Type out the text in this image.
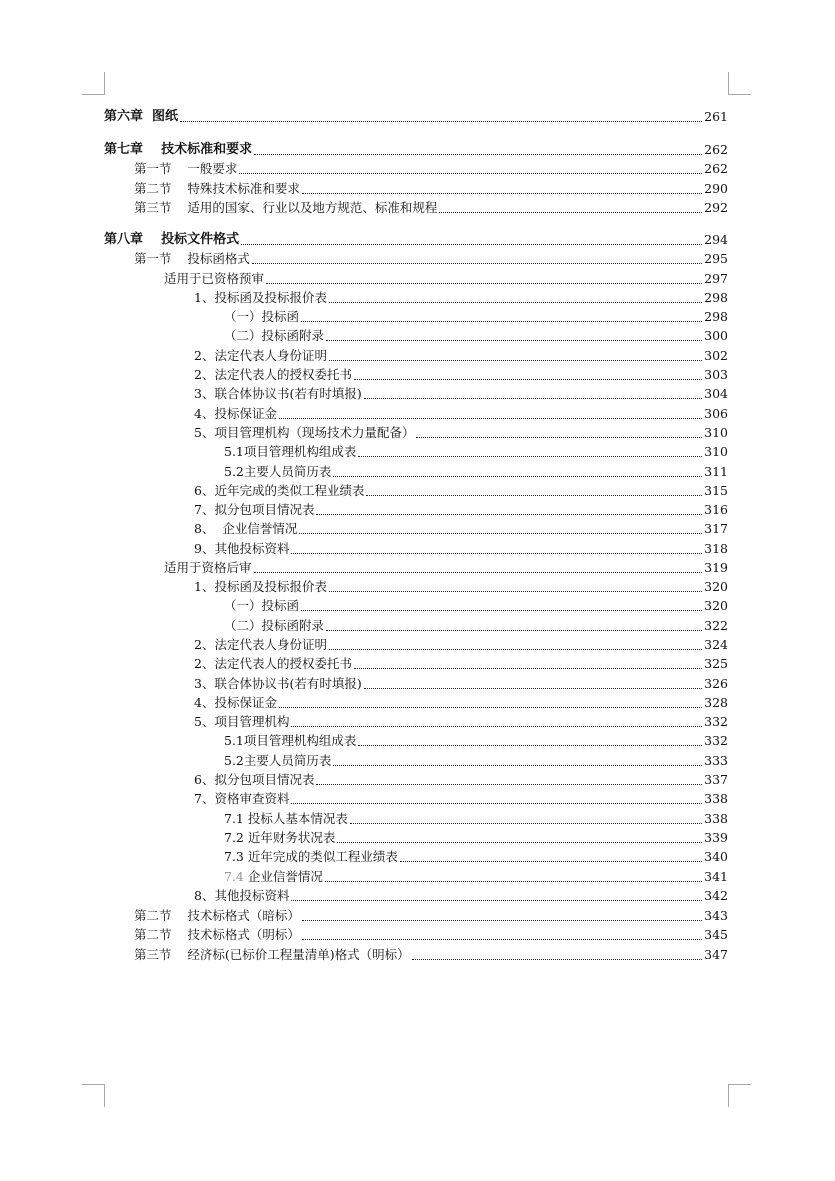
第六章  图纸	261
第七章    技术标准和要求	262
第一节    一般要求	262
第二节    特殊技术标准和要求	290
第三节    适用的国家、行业以及地方规范、标准和规程	292
第八章    投标文件格式	294
第一节    投标函格式	295
适用于已资格预审	297
1、投标函及投标报价表	298
（一）投标函	298
（二）投标函附录	300
2、法定代表人身份证明	302
2、法定代表人的授权委托书	303
3、联合体协议书(若有时填报)	304
4、投标保证金	306
5、项目管理机构（现场技术力量配备）	310
5.1项目管理机构组成表	310
5.2主要人员简历表	311
6、近年完成的类似工程业绩表	315
7、拟分包项目情况表	316
8、  企业信誉情况	317
9、其他投标资料	318
适用于资格后审	319
1、投标函及投标报价表	320
（一）投标函	320
（二）投标函附录	322
2、法定代表人身份证明	324
2、法定代表人的授权委托书	325
3、联合体协议书(若有时填报)	326
4、投标保证金	328
5、项目管理机构	332
5.1项目管理机构组成表	332
5.2主要人员简历表	333
6、拟分包项目情况表	337
7、资格审查资料	338
7.1 投标人基本情况表	338
7.2 近年财务状况表	339
7.3 近年完成的类似工程业绩表	340
7.4 企业信誉情况	341
8、其他投标资料	342
第二节    技术标格式（暗标）	343
第二节    技术标格式（明标）	345
第三节    经济标(已标价工程量清单)格式（明标）	347
